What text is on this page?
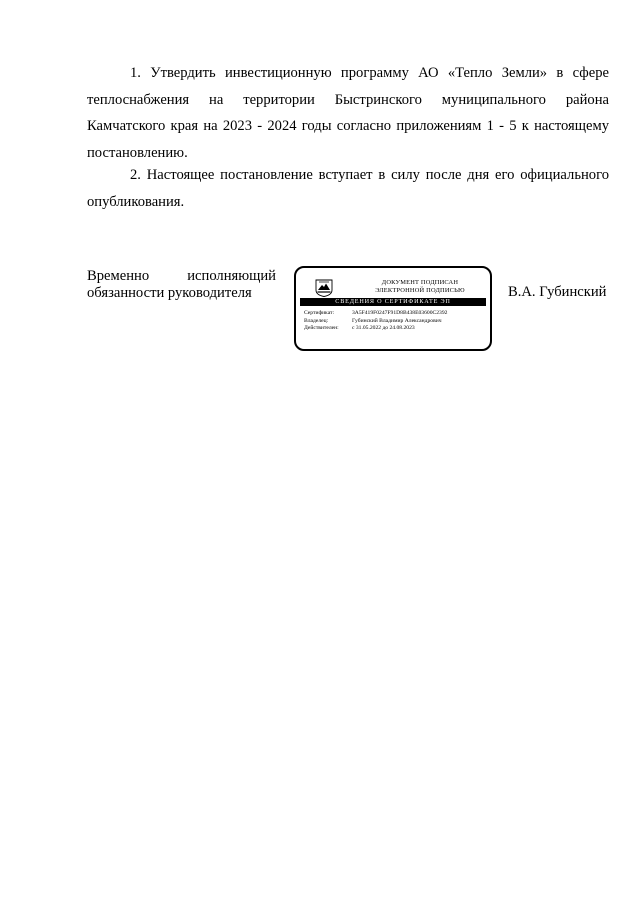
1. Утвердить инвестиционную программу АО «Тепло Земли» в сфере теплоснабжения на территории Быстринского муниципального района Камчатского края на 2023 - 2024 годы согласно приложениям 1 - 5 к настоящему постановлению.

2. Настоящее постановление вступает в силу после дня его официального опубликования.

Временно	исполняющий
обязанности руководителя
ДОКУМЕНТ ПОДПИСАН
ЭЛЕКТРОННОЙ ПОДПИСЬЮ
СВЕДЕНИЯ О СЕРТИФИКАТЕ ЭП
Сертификат:	3A5F419F0247F91D8B438E03600C2392
Владелец:	Губинский Владимир Александрович
Действителен:	с 31.05.2022 до 24.08.2023
В.А. Губинский
